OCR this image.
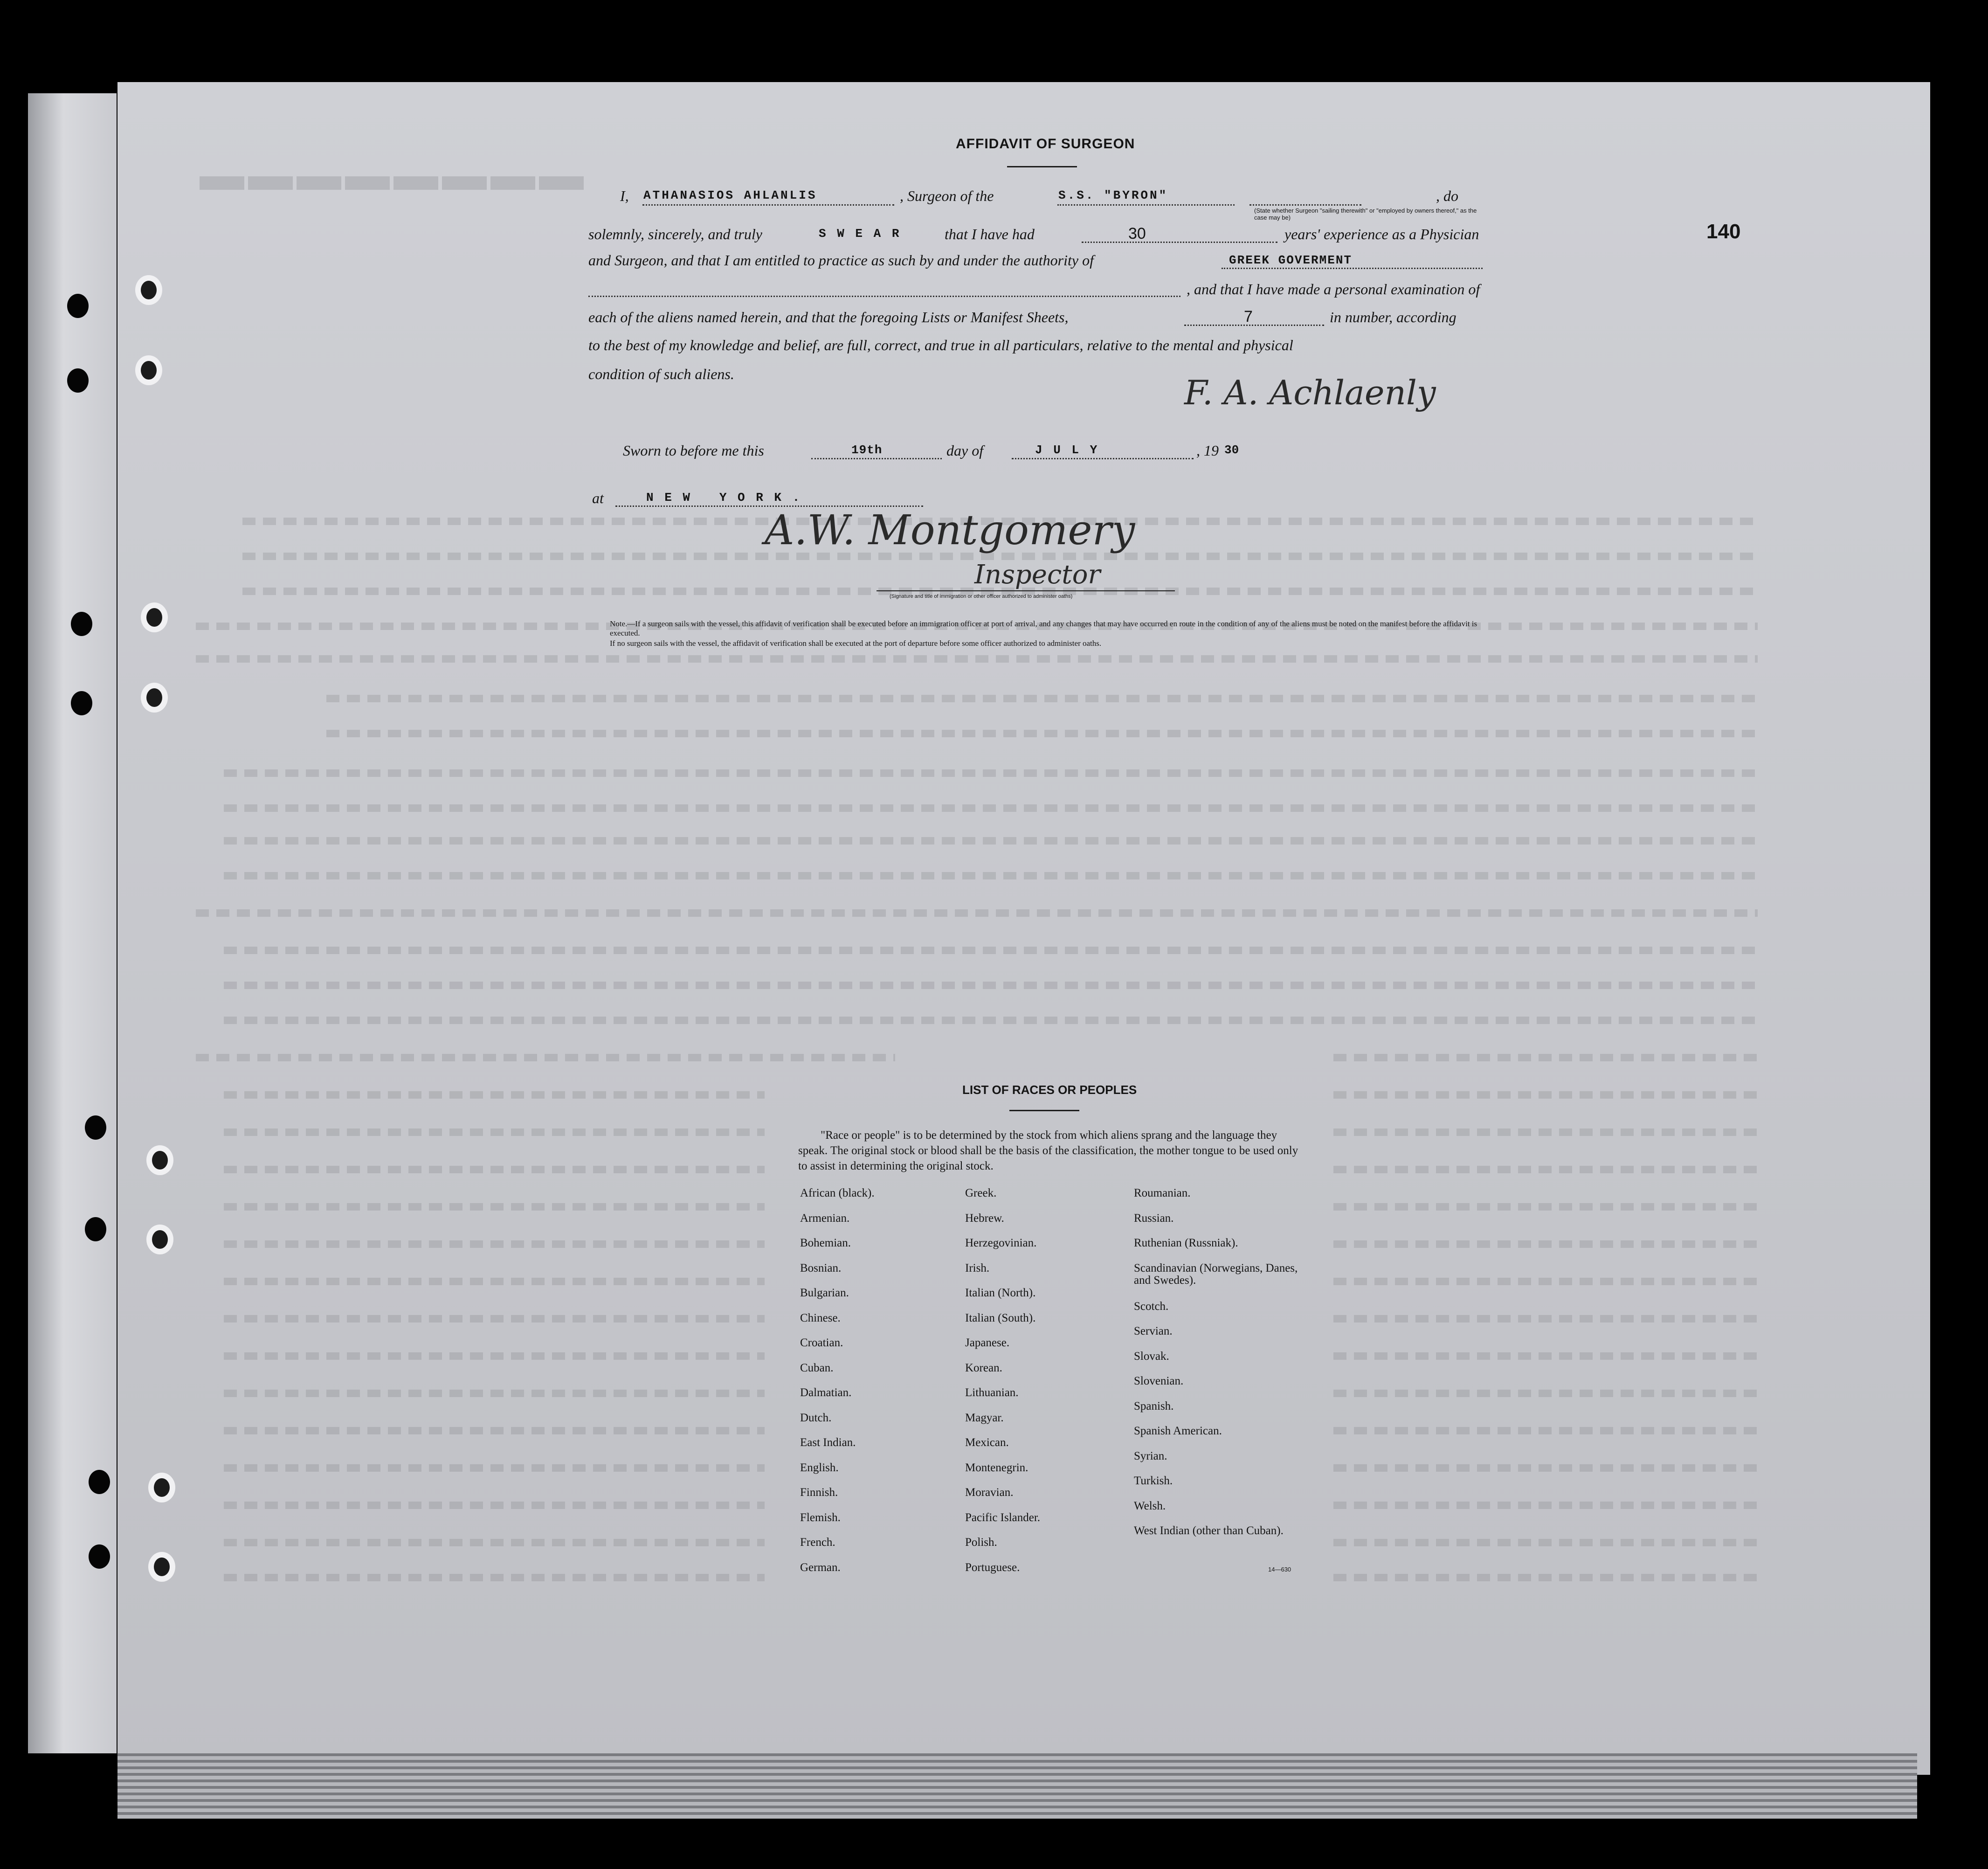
▬▬▬▬▬▬▬▬
140
AFFIDAVIT OF SURGEON
I, ATHANASIOS AHLANLIS	, Surgeon of the	S.S. "BYRON"
(State whether Surgeon "sailing therewith" or "employed by owners thereof," as the case may be)
, do
solemnly, sincerely, and truly	S W E A R	that I have had	30	years' experience as a Physician
and Surgeon, and that I am entitled to practice as such by and under the authority of	GREEK GOVERMENT
, and that I have made a personal examination of
each of the aliens named herein, and that the foregoing Lists or Manifest Sheets,	7	in number, according
to the best of my knowledge and belief, are full, correct, and true in all particulars, relative to the mental and physical
condition of such aliens.	F. A. Achlaenly
Sworn to before me this	19th	day of	J U L Y	, 19 30
at	N E W   Y O R K .
A.W. Montgomery
Inspector
(Signature and title of immigration or other officer authorized to administer oaths)
Note.—If a surgeon sails with the vessel, this affidavit of verification shall be executed before an immigration officer at port of arrival, and any changes that may have occurred en route in the condition of any of the aliens must be noted on the manifest before the affidavit is executed.
If no surgeon sails with the vessel, the affidavit of verification shall be executed at the port of departure before some officer authorized to administer oaths.
LIST OF RACES OR PEOPLES
"Race or people" is to be determined by the stock from which aliens sprang and the language they speak. The original stock or blood shall be the basis of the classification, the mother tongue to be used only to assist in determining the original stock.
African (black).
Armenian.
Bohemian.
Bosnian.
Bulgarian.
Chinese.
Croatian.
Cuban.
Dalmatian.
Dutch.
East Indian.
English.
Finnish.
Flemish.
French.
German.
Greek.
Hebrew.
Herzegovinian.
Irish.
Italian (North).
Italian (South).
Japanese.
Korean.
Lithuanian.
Magyar.
Mexican.
Montenegrin.
Moravian.
Pacific Islander.
Polish.
Portuguese.
Roumanian.
Russian.
Ruthenian (Russniak).
Scandinavian (Norwegians, Danes, and Swedes).
Scotch.
Servian.
Slovak.
Slovenian.
Spanish.
Spanish American.
Syrian.
Turkish.
Welsh.
West Indian (other than Cuban).
14—630
